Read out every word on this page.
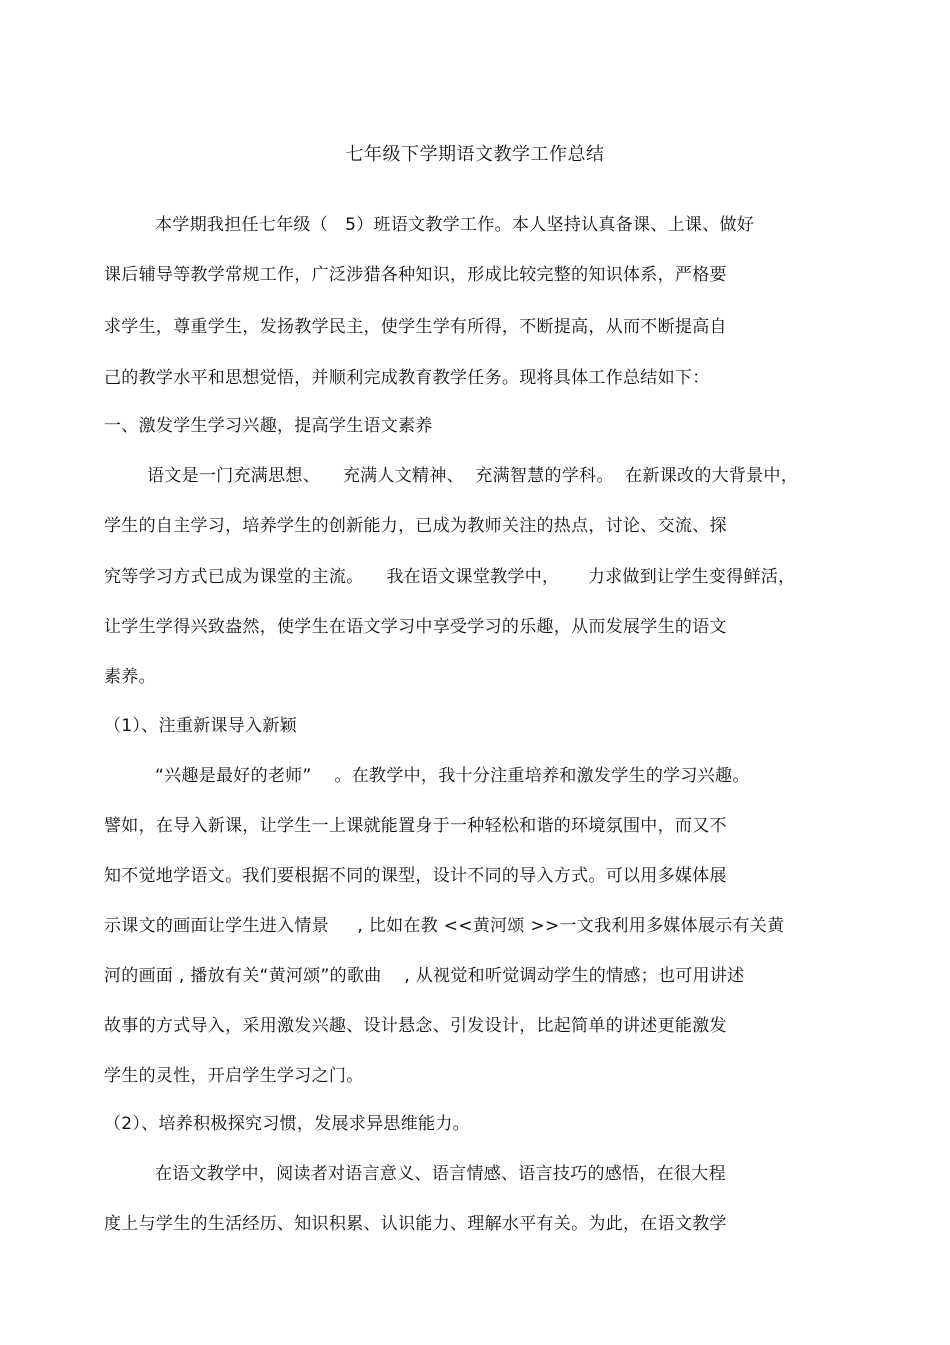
七年级下学期语文教学工作总结
本学期我担任七年级（   5）班语文教学工作。本人坚持认真备课、上课、做好
课后辅导等教学常规工作，广泛涉猎各种知识，形成比较完整的知识体系，严格要
求学生，尊重学生，发扬教学民主，使学生学有所得，不断提高，从而不断提高自
己的教学水平和思想觉悟，并顺利完成教育教学任务。现将具体工作总结如下：
一、激发学生学习兴趣，提高学生语文素养
语文是一门充满思想、    充满人文精神、  充满智慧的学科。  在新课改的大背景中，
学生的自主学习，培养学生的创新能力，已成为教师关注的热点，讨论、交流、探
究等学习方式已成为课堂的主流。    我在语文课堂教学中，     力求做到让学生变得鲜活，
让学生学得兴致盎然，使学生在语文学习中享受学习的乐趣，从而发展学生的语文
素养。
（1）、注重新课导入新颖
“兴趣是最好的老师”    。在教学中，我十分注重培养和激发学生的学习兴趣。
譬如，在导入新课，让学生一上课就能置身于一种轻松和谐的环境氛围中，而又不
知不觉地学语文。我们要根据不同的课型，设计不同的导入方式。可以用多媒体展
示课文的画面让学生进入情景     , 比如在教 <<黄河颂 >>一文我利用多媒体展示有关黄
河的画面 , 播放有关“黄河颂”的歌曲    , 从视觉和听觉调动学生的情感；也可用讲述
故事的方式导入，采用激发兴趣、设计悬念、引发设计，比起简单的讲述更能激发
学生的灵性，开启学生学习之门。
（2）、培养积极探究习惯，发展求异思维能力。
在语文教学中，阅读者对语言意义、语言情感、语言技巧的感悟，在很大程
度上与学生的生活经历、知识积累、认识能力、理解水平有关。为此，在语文教学
